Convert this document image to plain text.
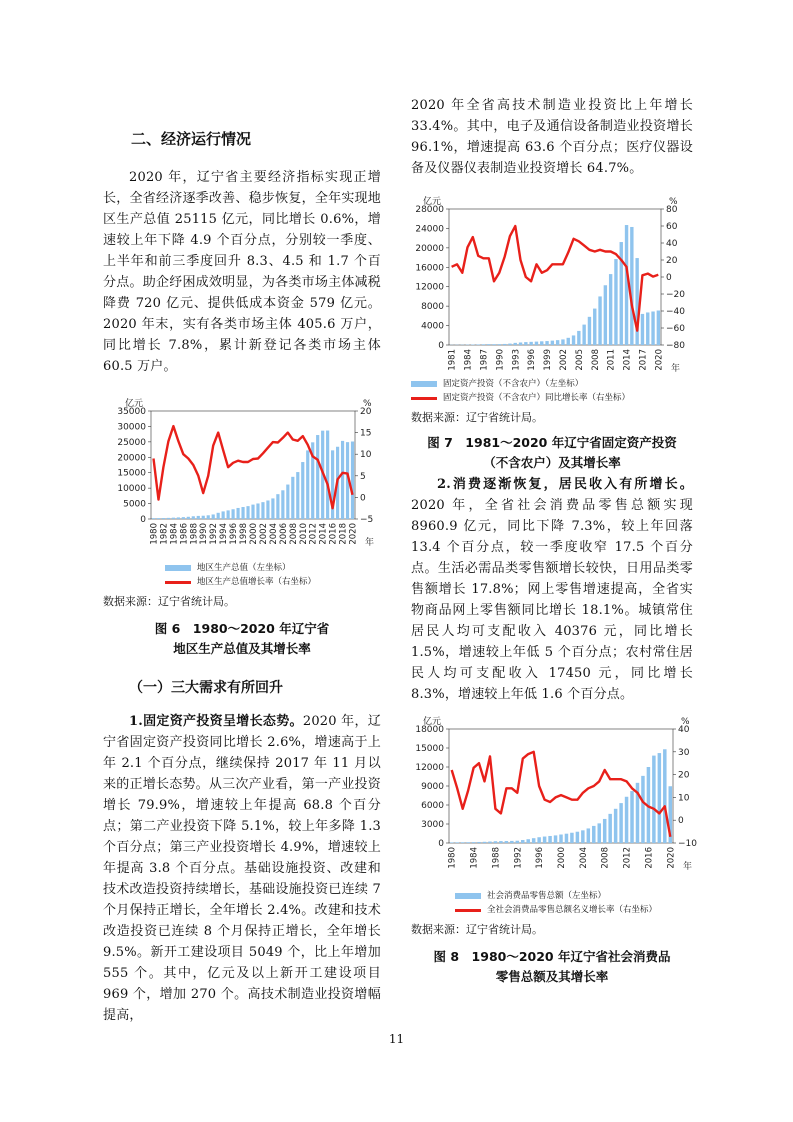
二、经济运行情况

2020 年，辽宁省主要经济指标实现正增长，全省经济逐季改善、稳步恢复，全年实现地区生产总值 25115 亿元，同比增长 0.6%，增速较上年下降 4.9 个百分点，分别较一季度、上半年和前三季度回升 8.3、4.5 和 1.7 个百分点。助企纾困成效明显，为各类市场主体减税降费 720 亿元、提供低成本资金 579 亿元。2020 年末，实有各类市场主体 405.6 万户，同比增长 7.8%，累计新登记各类市场主体 60.5 万户。

亿元	%
0
5000
10000
15000
20000
25000
30000
35000
−5
0
5
10
15
20
1980 1982 1984 1986 1988 1990 1992 1994 1996 1998 2000 2002 2004 2006 2008 2010 2012 2014 2016 2018 2020 年
地区生产总值（左坐标）
地区生产总值增长率（右坐标）
数据来源：辽宁省统计局。
图 6　1980～2020 年辽宁省
地区生产总值及其增长率
（一）三大需求有所回升

1.固定资产投资呈增长态势。2020 年，辽宁省固定资产投资同比增长 2.6%，增速高于上年 2.1 个百分点，继续保持 2017 年 11 月以来的正增长态势。从三次产业看，第一产业投资增长 79.9%，增速较上年提高 68.8 个百分点；第二产业投资下降 5.1%，较上年多降 1.3 个百分点；第三产业投资增长 4.9%，增速较上年提高 3.8 个百分点。基础设施投资、改建和技术改造投资持续增长，基础设施投资已连续 7 个月保持正增长，全年增长 2.4%。改建和技术改造投资已连续 8 个月保持正增长，全年增长 9.5%。新开工建设项目 5049 个，比上年增加 555 个。其中，亿元及以上新开工建设项目 969 个，增加 270 个。高技术制造业投资增幅提高，

2020 年全省高技术制造业投资比上年增长 33.4%。其中，电子及通信设备制造业投资增长 96.1%，增速提高 63.6 个百分点；医疗仪器设备及仪器仪表制造业投资增长 64.7%。

亿元	%
0
4000
8000
12000
16000
20000
24000
28000
−80
−60
−40
−20
0
20
40
60
80
1981 1984 1987 1990 1993 1996 1999 2002 2005 2008 2011 2014 2017 2020 年
固定资产投资（不含农户）（左坐标）
固定资产投资（不含农户）同比增长率（右坐标）
数据来源：辽宁省统计局。
图 7　1981～2020 年辽宁省固定资产投资
（不含农户）及其增长率

2.消费逐渐恢复，居民收入有所增长。2020 年，全省社会消费品零售总额实现 8960.9 亿元，同比下降 7.3%，较上年回落 13.4 个百分点，较一季度收窄 17.5 个百分点。生活必需品类零售额增长较快，日用品类零售额增长 17.8%；网上零售增速提高，全省实物商品网上零售额同比增长 18.1%。城镇常住居民人均可支配收入 40376 元，同比增长 1.5%，增速较上年低 5 个百分点；农村常住居民人均可支配收入 17450 元，同比增长 8.3%，增速较上年低 1.6 个百分点。

亿元	%
0
3000
6000
9000
12000
15000
18000
−10
0
10
20
30
40
1980 1984 1988 1992 1996 2000 2004 2008 2012 2016 2020 年
社会消费品零售总额（左坐标）
全社会消费品零售总额名义增长率（右坐标）
数据来源：辽宁省统计局。
图 8　1980～2020 年辽宁省社会消费品
零售总额及其增长率
11
